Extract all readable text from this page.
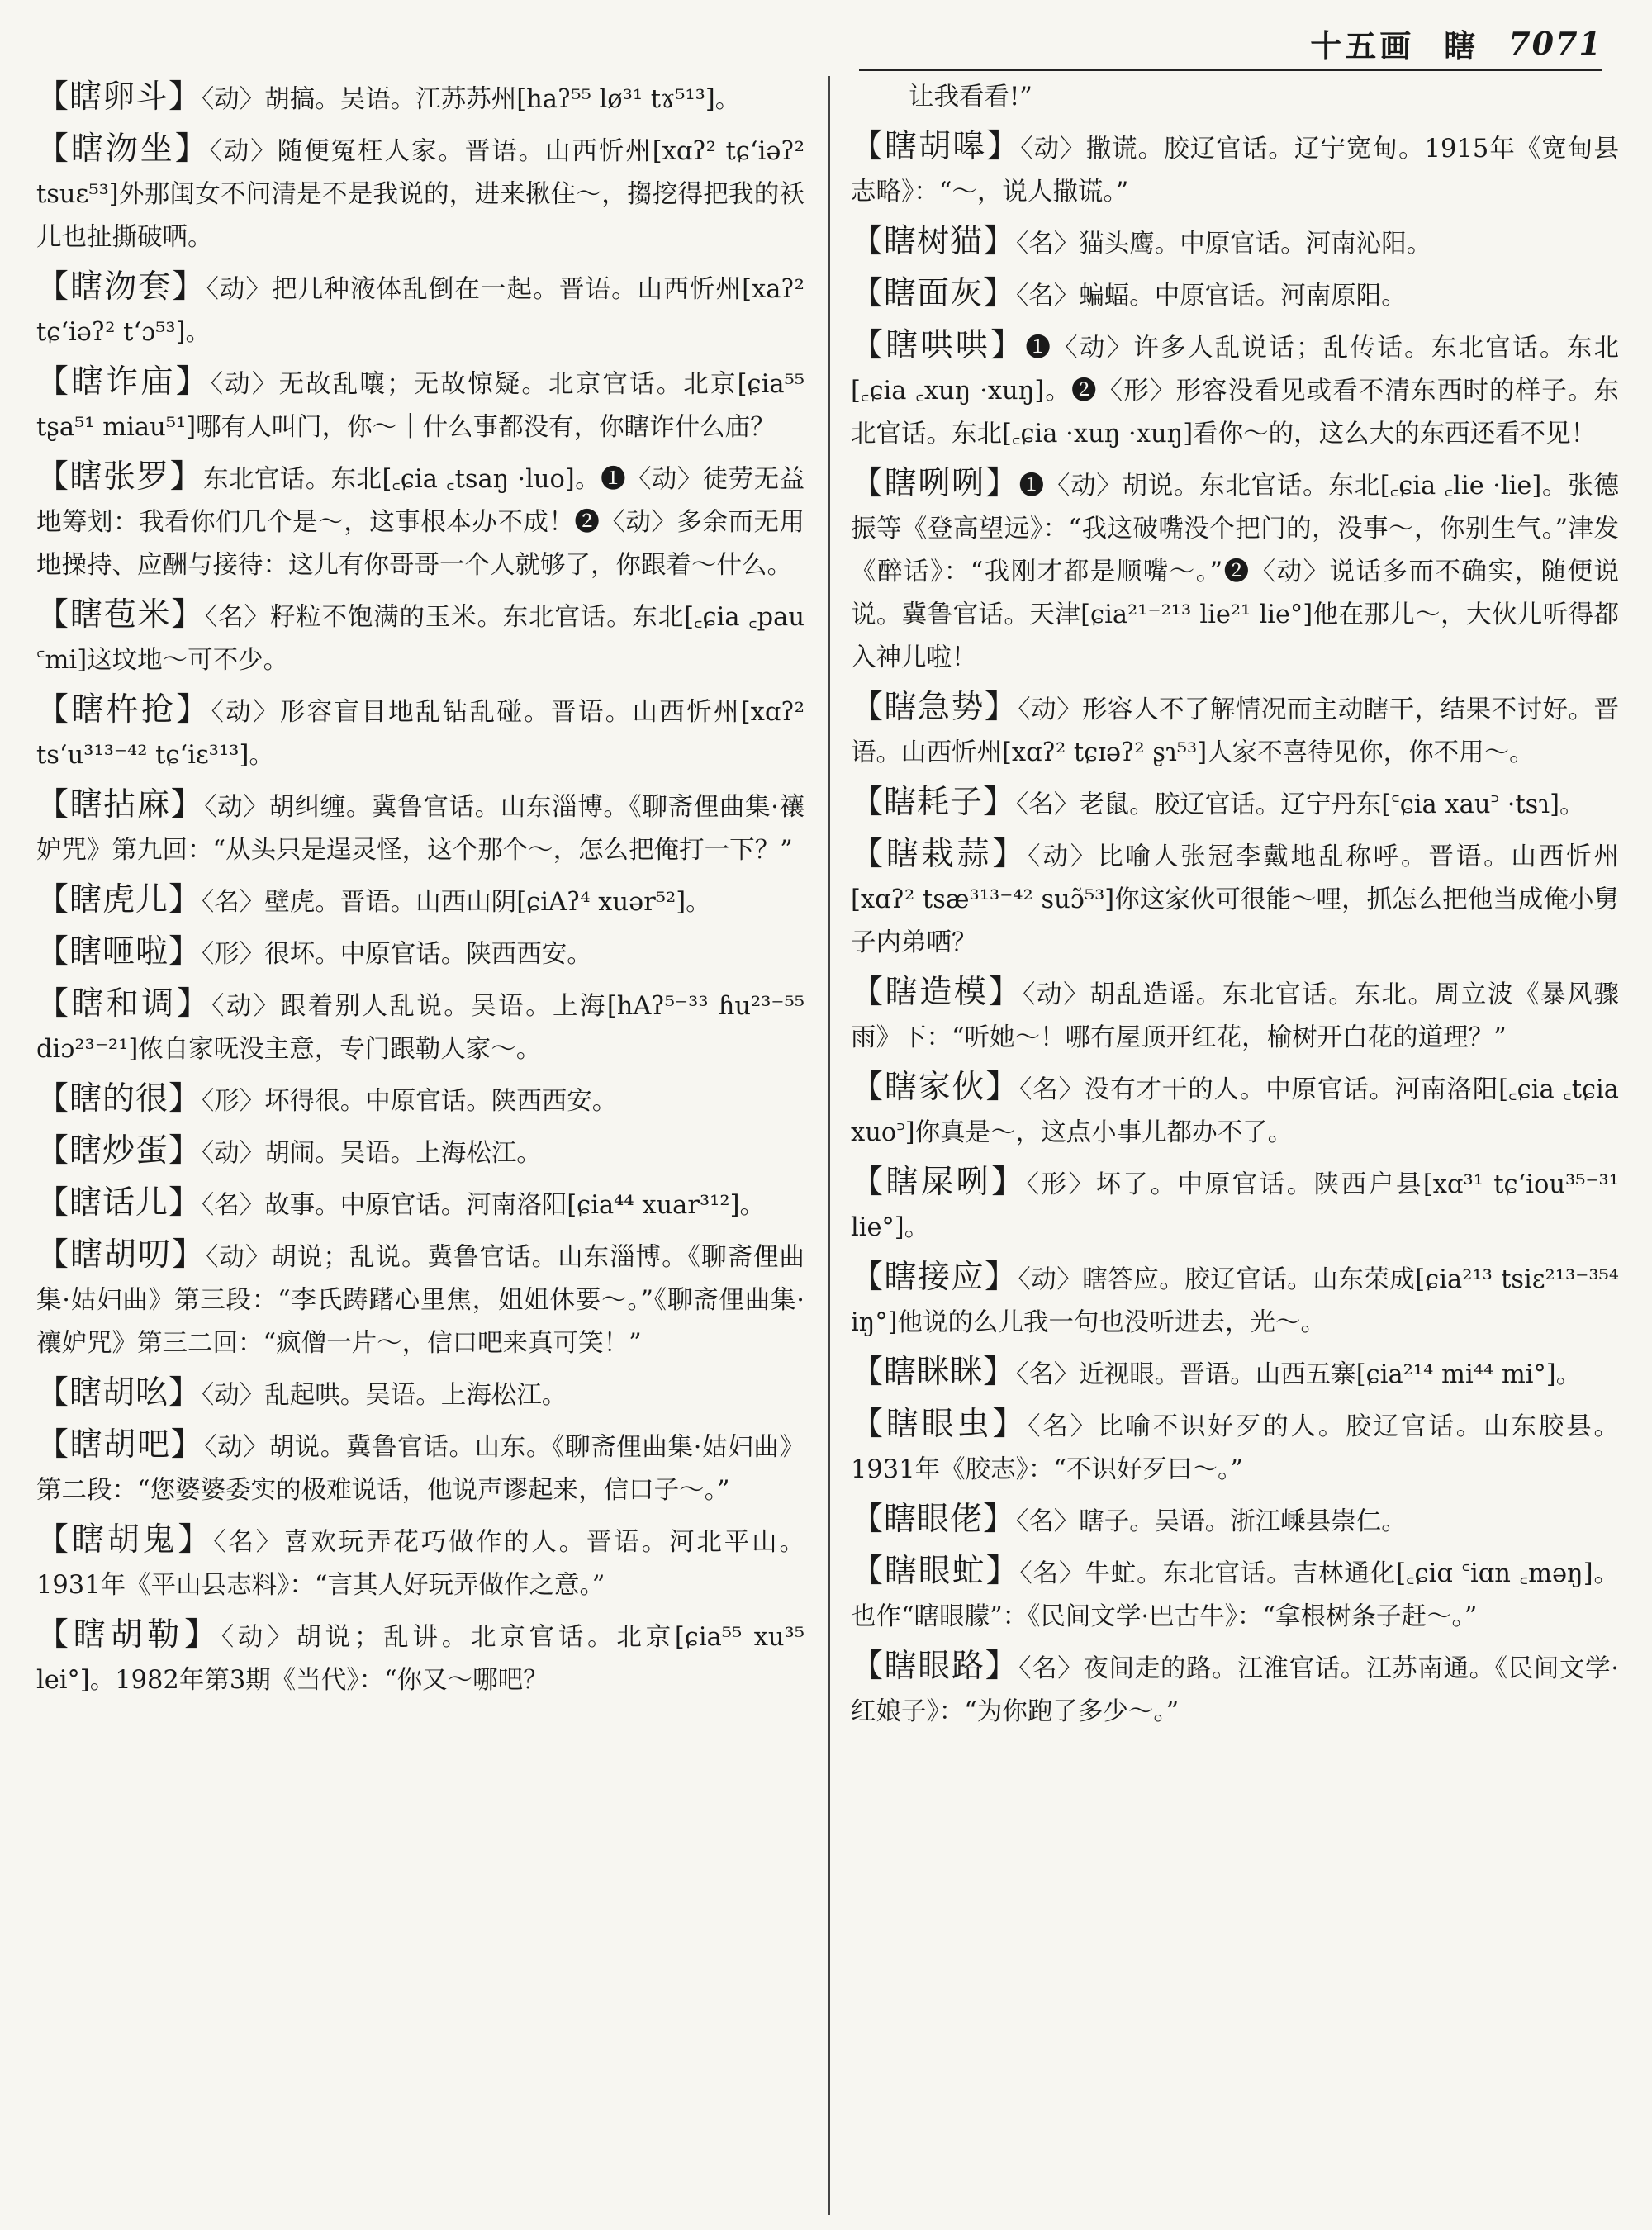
十五画 瞎 7071

【瞎卵斗】〈动〉胡搞。吴语。江苏苏州[haʔ⁵⁵ lø³¹ tɤ⁵¹³]。

【瞎沕坐】〈动〉随便冤枉人家。晋语。山西忻州[xɑʔ² tɕʻiəʔ² tsuɛ⁵³]外那闺女不问清是不是我说的，进来揪住～，搊挖得把我的袄儿也扯撕破哂。

【瞎沕套】〈动〉把几种液体乱倒在一起。晋语。山西忻州[xaʔ² tɕʻiəʔ² tʻɔ⁵³]。

【瞎诈庙】〈动〉无故乱嚷；无故惊疑。北京官话。北京[ɕia⁵⁵ tʂa⁵¹ miau⁵¹]哪有人叫门，你～｜什么事都没有，你瞎诈什么庙？

【瞎张罗】东北官话。东北[꜀ɕia ꜀tsaŋ ·luo]。❶〈动〉徒劳无益地筹划：我看你们几个是～，这事根本办不成！❷〈动〉多余而无用地操持、应酬与接待：这儿有你哥哥一个人就够了，你跟着～什么。

【瞎苞米】〈名〉籽粒不饱满的玉米。东北官话。东北[꜀ɕia ꜀pau ꜂mi]这坟地～可不少。

【瞎杵抢】〈动〉形容盲目地乱钻乱碰。晋语。山西忻州[xɑʔ² tsʻu³¹³⁻⁴² tɕʻiɛ³¹³]。

【瞎拈麻】〈动〉胡纠缠。冀鲁官话。山东淄博。《聊斋俚曲集·禳妒咒》第九回：“从头只是逞灵怪，这个那个～，怎么把俺打一下？”

【瞎虎儿】〈名〉壁虎。晋语。山西山阴[ɕiAʔ⁴ xuər⁵²]。

【瞎咂啦】〈形〉很坏。中原官话。陕西西安。

【瞎和调】〈动〉跟着别人乱说。吴语。上海[hAʔ⁵⁻³³ ɦu²³⁻⁵⁵ diɔ²³⁻²¹]侬自家呒没主意，专门跟勒人家～。

【瞎的很】〈形〉坏得很。中原官话。陕西西安。

【瞎炒蛋】〈动〉胡闹。吴语。上海松江。

【瞎话儿】〈名〉故事。中原官话。河南洛阳[ɕia⁴⁴ xuar³¹²]。

【瞎胡叨】〈动〉胡说；乱说。冀鲁官话。山东淄博。《聊斋俚曲集·姑妇曲》第三段：“李氏踌躇心里焦，姐姐休要～。”《聊斋俚曲集·禳妒咒》第三二回：“疯僧一片～，信口吧来真可笑！”

【瞎胡吆】〈动〉乱起哄。吴语。上海松江。

【瞎胡吧】〈动〉胡说。冀鲁官话。山东。《聊斋俚曲集·姑妇曲》第二段：“您婆婆委实的极难说话，他说声谬起来，信口子～。”

【瞎胡鬼】〈名〉喜欢玩弄花巧做作的人。晋语。河北平山。1931年《平山县志料》：“言其人好玩弄做作之意。”

【瞎胡勒】〈动〉胡说；乱讲。北京官话。北京[ɕia⁵⁵ xu³⁵ lei°]。1982年第3期《当代》：“你又～哪吧？

让我看看!”

【瞎胡嗥】〈动〉撒谎。胶辽官话。辽宁宽甸。1915年《宽甸县志略》：“～，说人撒谎。”

【瞎树猫】〈名〉猫头鹰。中原官话。河南沁阳。

【瞎面灰】〈名〉蝙蝠。中原官话。河南原阳。

【瞎哄哄】❶〈动〉许多人乱说话；乱传话。东北官话。东北[꜀ɕia ꜀xuŋ ·xuŋ]。❷〈形〉形容没看见或看不清东西时的样子。东北官话。东北[꜀ɕia ·xuŋ ·xuŋ]看你～的，这么大的东西还看不见！

【瞎咧咧】❶〈动〉胡说。东北官话。东北[꜀ɕia ꜀lie ·lie]。张德振等《登高望远》：“我这破嘴没个把门的，没事～，你别生气。”津发《醉话》：“我刚才都是顺嘴～。”❷〈动〉说话多而不确实，随便说说。冀鲁官话。天津[ɕia²¹⁻²¹³ lie²¹ lie°]他在那儿～，大伙儿听得都入神儿啦！

【瞎急势】〈动〉形容人不了解情况而主动瞎干，结果不讨好。晋语。山西忻州[xɑʔ² tɕɪəʔ² ʂɿ⁵³]人家不喜待见你，你不用～。

【瞎耗子】〈名〉老鼠。胶辽官话。辽宁丹东[꜂ɕia xau꜄ ·tsɿ]。

【瞎栽蒜】〈动〉比喻人张冠李戴地乱称呼。晋语。山西忻州[xɑʔ² tsæ³¹³⁻⁴² suɔ̃⁵³]你这家伙可很能～哩，抓怎么把他当成俺小舅子内弟哂？

【瞎造模】〈动〉胡乱造谣。东北官话。东北。周立波《暴风骤雨》下：“听她～！哪有屋顶开红花，榆树开白花的道理？”

【瞎家伙】〈名〉没有才干的人。中原官话。河南洛阳[꜀ɕia ꜀tɕia xuo꜄]你真是～，这点小事儿都办不了。

【瞎屎咧】〈形〉坏了。中原官话。陕西户县[xɑ³¹ tɕʻiou³⁵⁻³¹ lie°]。

【瞎接应】〈动〉瞎答应。胶辽官话。山东荣成[ɕia²¹³ tsiɛ²¹³⁻³⁵⁴ iŋ°]他说的么儿我一句也没听进去，光～。

【瞎眯眯】〈名〉近视眼。晋语。山西五寨[ɕia²¹⁴ mi⁴⁴ mi°]。

【瞎眼虫】〈名〉比喻不识好歹的人。胶辽官话。山东胶县。1931年《胶志》：“不识好歹曰～。”

【瞎眼佬】〈名〉瞎子。吴语。浙江嵊县崇仁。

【瞎眼虻】〈名〉牛虻。东北官话。吉林通化[꜀ɕiɑ ꜂iɑn ꜀məŋ]。也作“瞎眼朦”：《民间文学·巴古牛》：“拿根树条子赶～。”

【瞎眼路】〈名〉夜间走的路。江淮官话。江苏南通。《民间文学·红娘子》：“为你跑了多少～。”
